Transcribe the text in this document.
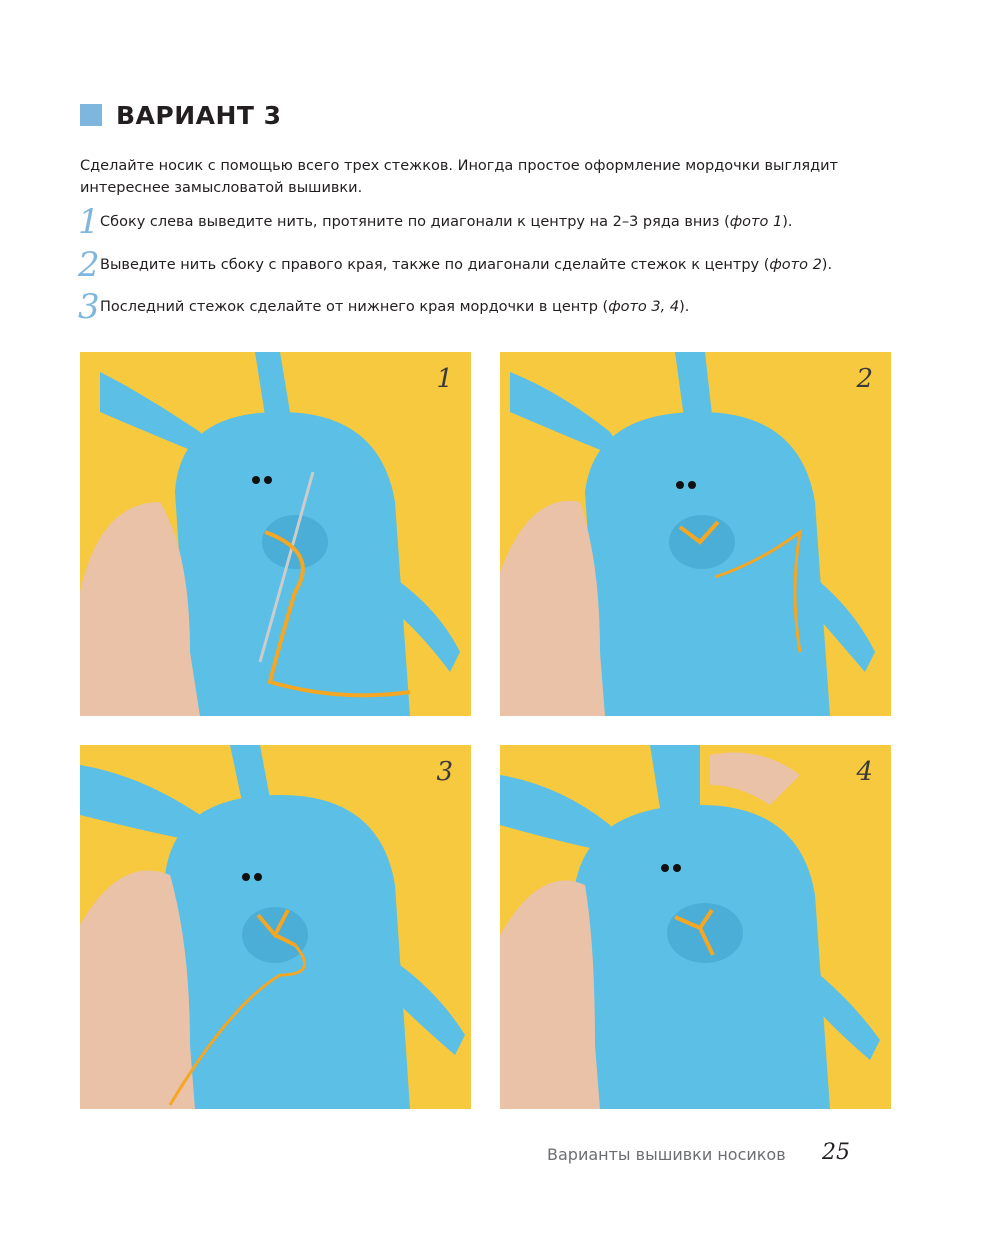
ВАРИАНТ 3
Сделайте носик с помощью всего трех стежков. Иногда простое оформление мордочки выглядит интереснее замысловатой вышивки.
1 Сбоку слева выведите нить, протяните по диагонали к центру на 2–3 ряда вниз (фото 1).
2 Выведите нить сбоку с правого края, также по диагонали сделайте стежок к центру (фото 2).
3 Последний стежок сделайте от нижнего края мордочки в центр (фото 3, 4).
1	2
3	4
Варианты вышивки носиков 25
